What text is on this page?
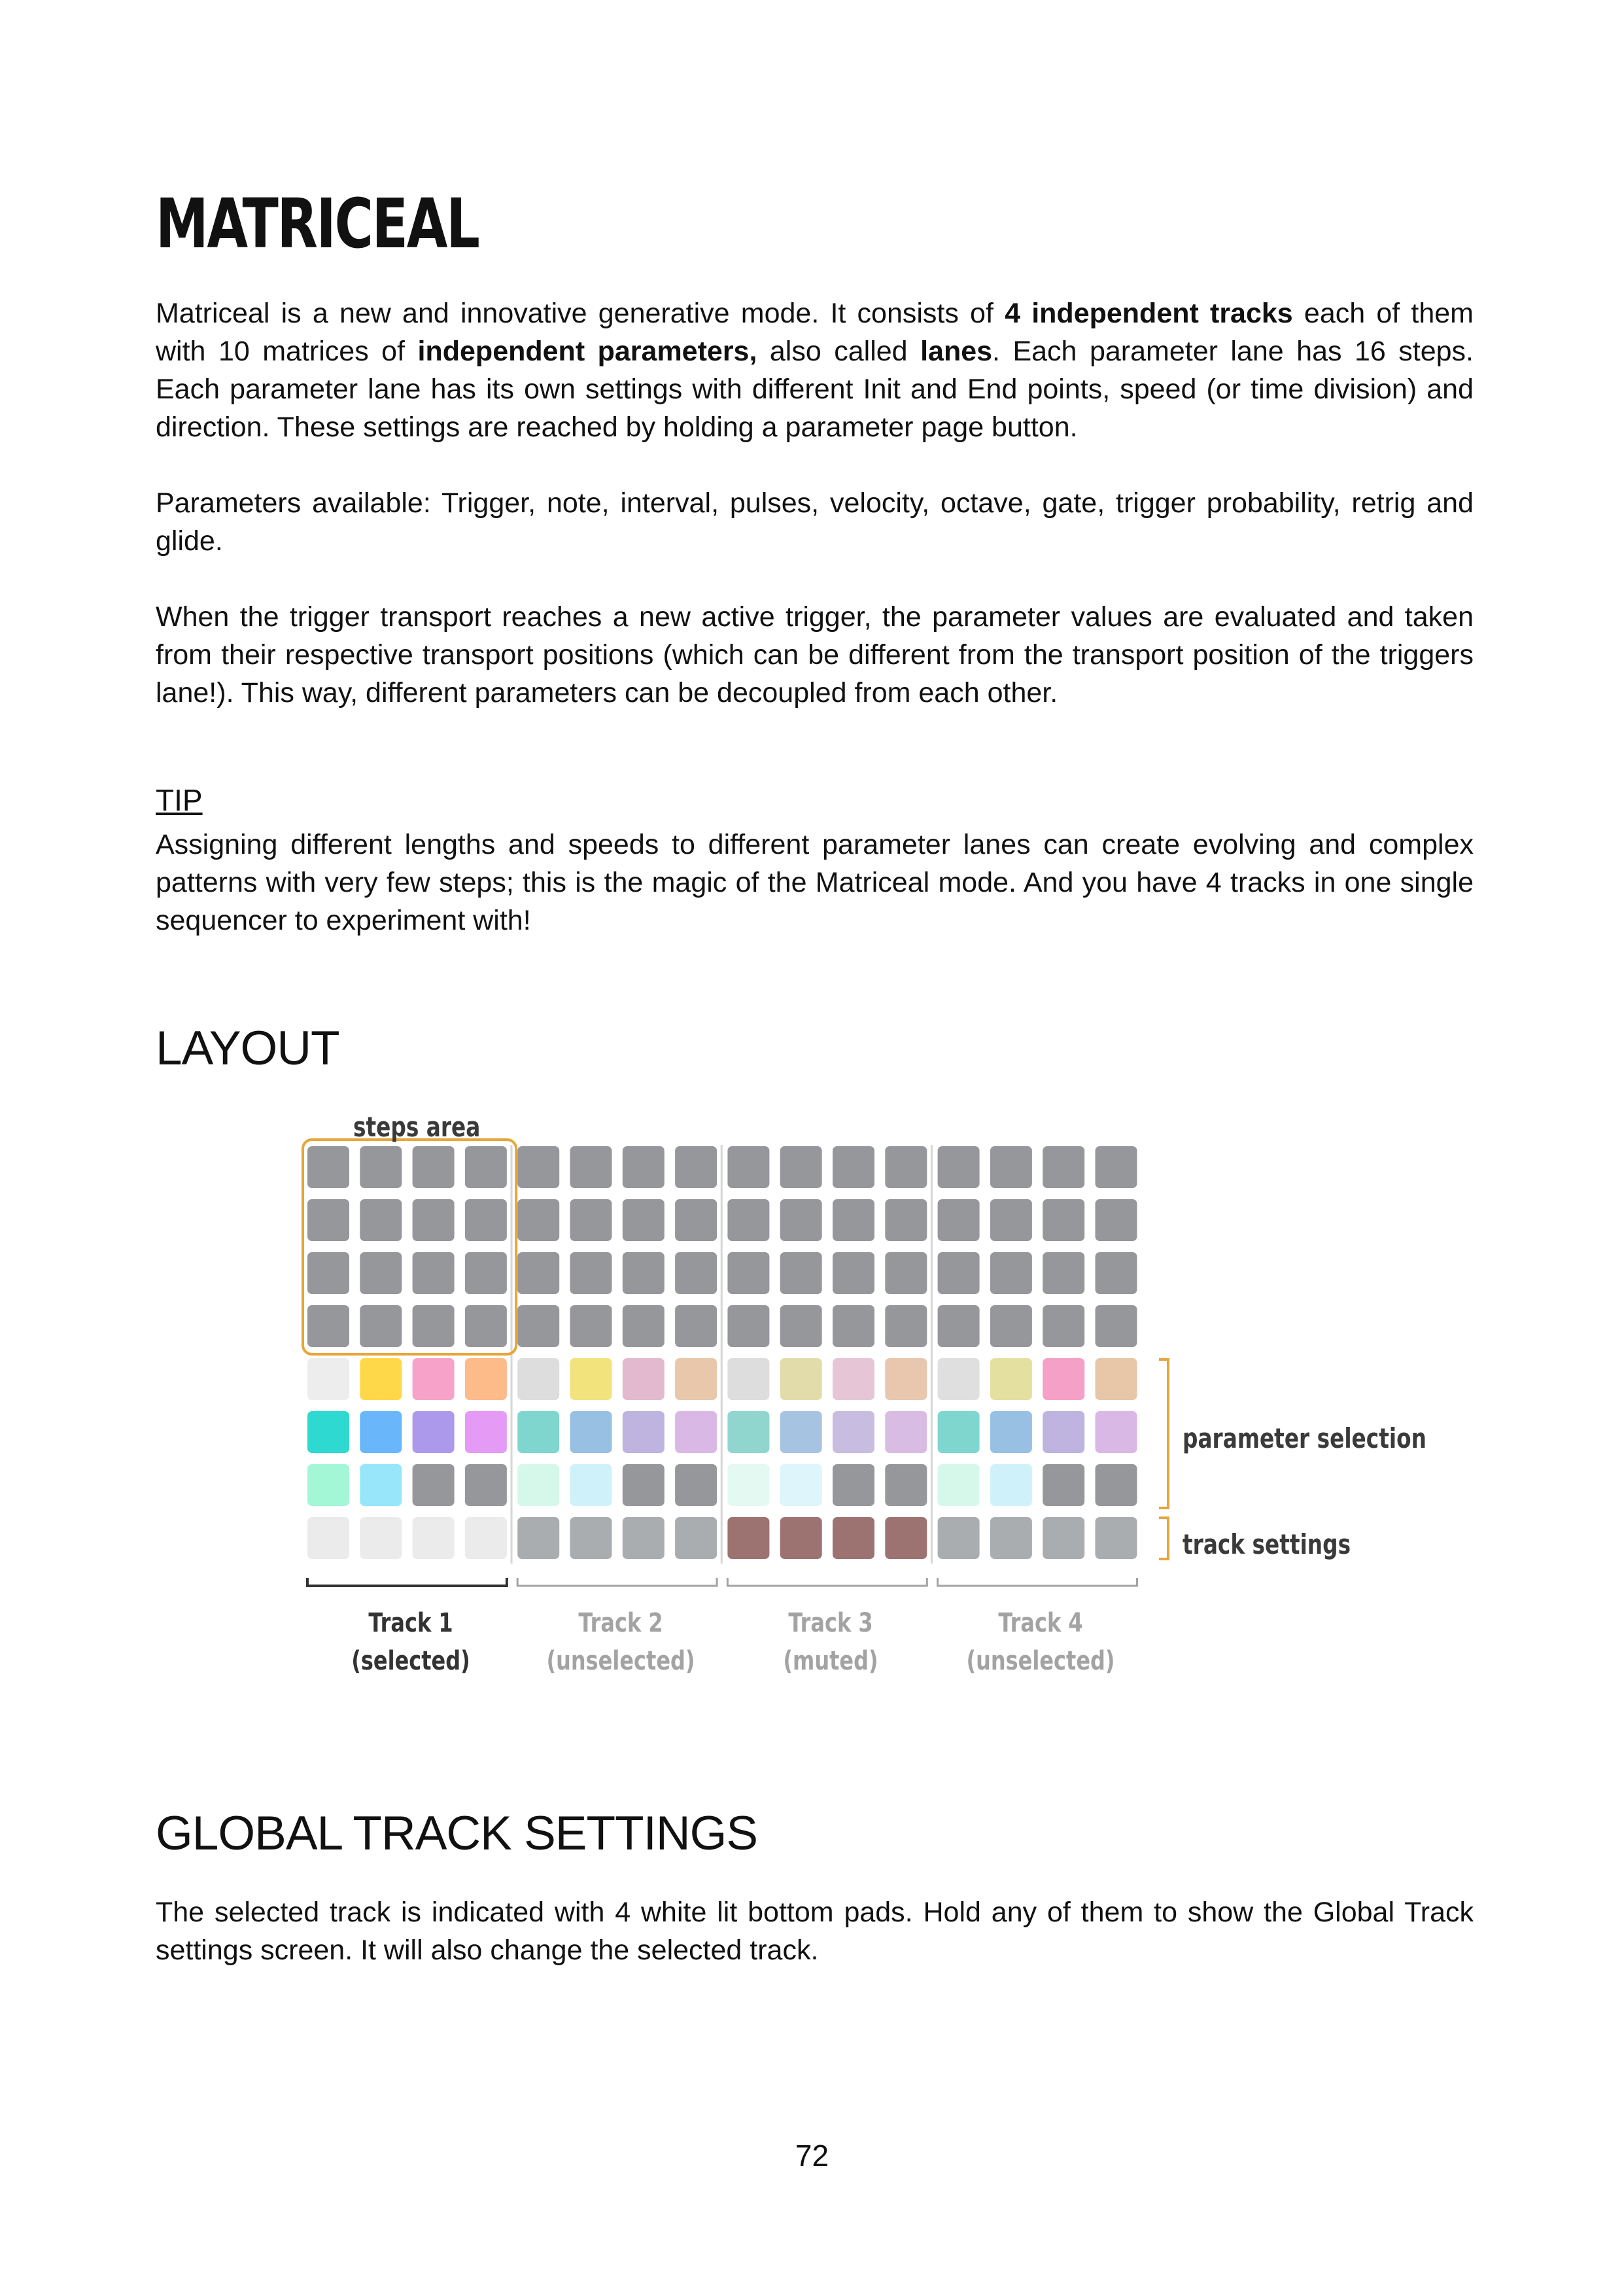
MATRICEAL

Matriceal is a new and innovative generative mode. It consists of 4 independent tracks each of them with 10 matrices of independent parameters, also called lanes. Each parameter lane has 16 steps. Each parameter lane has its own settings with different Init and End points, speed (or time division) and direction. These settings are reached by holding a parameter page button.

Parameters available: Trigger, note, interval, pulses, velocity, octave, gate, trigger probability, retrig and glide.

When the trigger transport reaches a new active trigger, the parameter values are evaluated and taken from their respective transport positions (which can be different from the transport position of the triggers lane!). This way, different parameters can be decoupled from each other.

TIP

Assigning different lengths and speeds to different parameter lanes can create evolving and complex patterns with very few steps; this is the magic of the Matriceal mode. And you have 4 tracks in one single sequencer to experiment with!

LAYOUT
steps area
parameter selection
track settings
Track 1
(selected)
Track 2
(unselected)
Track 3
(muted)
Track 4
(unselected)
GLOBAL TRACK SETTINGS

The selected track is indicated with 4 white lit bottom pads. Hold any of them to show the Global Track settings screen. It will also change the selected track.

72
